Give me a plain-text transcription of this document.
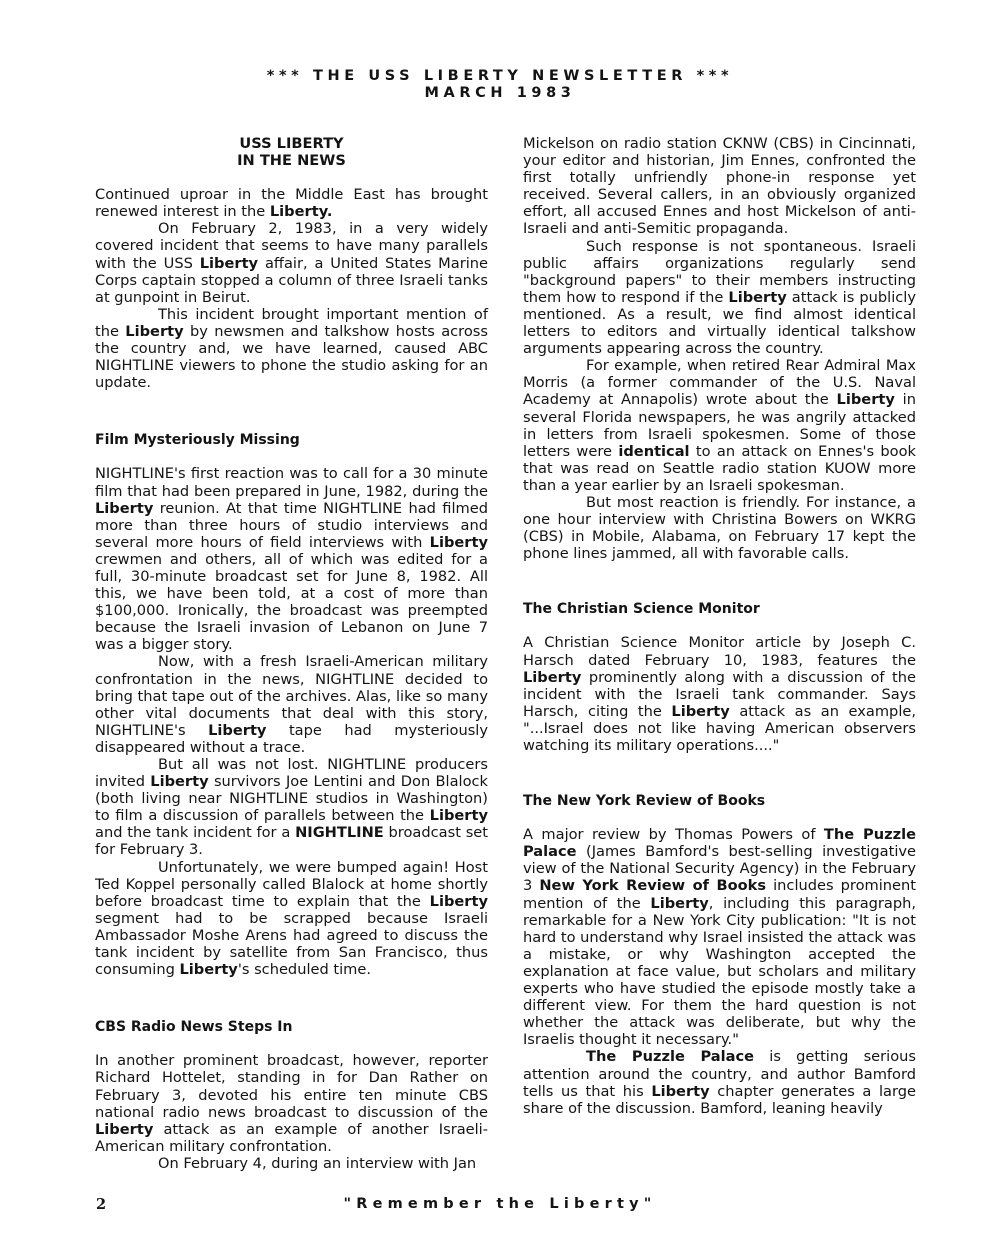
*** THE USS LIBERTY NEWSLETTER ***
MARCH 1983
USS LIBERTY
IN THE NEWS

Continued uproar in the Middle East has brought renewed interest in the Liberty.

On February 2, 1983, in a very widely covered incident that seems to have many parallels with the USS Liberty affair, a United States Marine Corps captain stopped a column of three Israeli tanks at gunpoint in Beirut.

This incident brought important mention of the Liberty by newsmen and talkshow hosts across the country and, we have learned, caused ABC NIGHTLINE viewers to phone the studio asking for an update.

Film Mysteriously Missing

NIGHTLINE's first reaction was to call for a 30 minute film that had been prepared in June, 1982, during the Liberty reunion. At that time NIGHTLINE had filmed more than three hours of studio interviews and several more hours of field interviews with Liberty crewmen and others, all of which was edited for a full, 30-minute broadcast set for June 8, 1982. All this, we have been told, at a cost of more than $100,000. Ironically, the broadcast was preempted because the Israeli invasion of Lebanon on June 7 was a bigger story.

Now, with a fresh Israeli-American military confrontation in the news, NIGHTLINE decided to bring that tape out of the archives. Alas, like so many other vital documents that deal with this story, NIGHTLINE's Liberty tape had mysteriously disappeared without a trace.

But all was not lost. NIGHTLINE producers invited Liberty survivors Joe Lentini and Don Blalock (both living near NIGHTLINE studios in Washington) to film a discussion of parallels between the Liberty and the tank incident for a NIGHTLINE broadcast set for February 3.

Unfortunately, we were bumped again! Host Ted Koppel personally called Blalock at home shortly before broadcast time to explain that the Liberty segment had to be scrapped because Israeli Ambassador Moshe Arens had agreed to discuss the tank incident by satellite from San Francisco, thus consuming Liberty's scheduled time.

CBS Radio News Steps In

In another prominent broadcast, however, reporter Richard Hottelet, standing in for Dan Rather on February 3, devoted his entire ten minute CBS national radio news broadcast to discussion of the Liberty attack as an example of another Israeli-American military confrontation.

On February 4, during an interview with Jan

Mickelson on radio station CKNW (CBS) in Cincinnati, your editor and historian, Jim Ennes, confronted the first totally unfriendly phone-in response yet received. Several callers, in an obviously organized effort, all accused Ennes and host Mickelson of anti-Israeli and anti-Semitic propaganda.

Such response is not spontaneous. Israeli public affairs organizations regularly send "background papers" to their members instructing them how to respond if the Liberty attack is publicly mentioned. As a result, we find almost identical letters to editors and virtually identical talkshow arguments appearing across the country.

For example, when retired Rear Admiral Max Morris (a former commander of the U.S. Naval Academy at Annapolis) wrote about the Liberty in several Florida newspapers, he was angrily attacked in letters from Israeli spokesmen. Some of those letters were identical to an attack on Ennes's book that was read on Seattle radio station KUOW more than a year earlier by an Israeli spokesman.

But most reaction is friendly. For instance, a one hour interview with Christina Bowers on WKRG (CBS) in Mobile, Alabama, on February 17 kept the phone lines jammed, all with favorable calls.

The Christian Science Monitor

A Christian Science Monitor article by Joseph C. Harsch dated February 10, 1983, features the Liberty prominently along with a discussion of the incident with the Israeli tank commander. Says Harsch, citing the Liberty attack as an example, "...Israel does not like having American observers watching its military operations...."

The New York Review of Books

A major review by Thomas Powers of The Puzzle Palace (James Bamford's best-selling investigative view of the National Security Agency) in the February 3 New York Review of Books includes prominent mention of the Liberty, including this paragraph, remarkable for a New York City publication: "It is not hard to understand why Israel insisted the attack was a mistake, or why Washington accepted the explanation at face value, but scholars and military experts who have studied the episode mostly take a different view. For them the hard question is not whether the attack was deliberate, but why the Israelis thought it necessary."

The Puzzle Palace is getting serious attention around the country, and author Bamford tells us that his Liberty chapter generates a large share of the discussion. Bamford, leaning heavily

2	"Remember the Liberty"
